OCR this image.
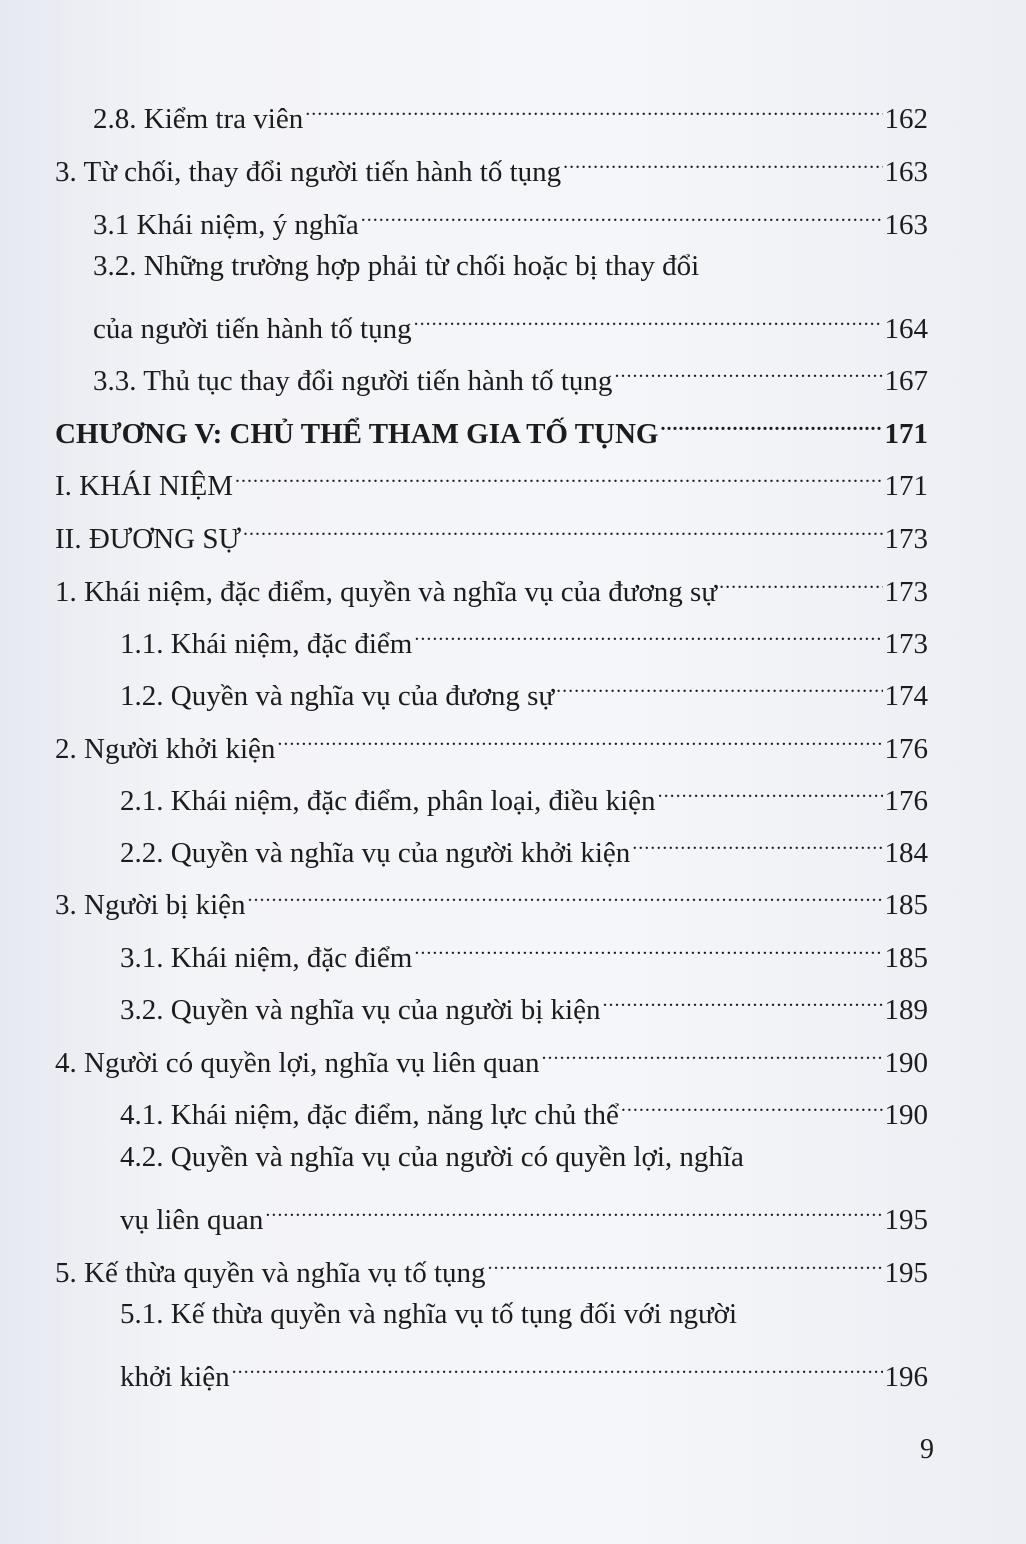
2.8. Kiểm tra viên .....	162
3. Từ chối, thay đổi người tiến hành tố tụng .....	163
3.1 Khái niệm, ý nghĩa .....	163
3.2. Những trường hợp phải từ chối hoặc bị thay đổi
của người tiến hành tố tụng .....	164
3.3. Thủ tục thay đổi người tiến hành tố tụng .....	167
CHƯƠNG V: CHỦ THỂ THAM GIA TỐ TỤNG .....	171
I. KHÁI NIỆM .....	171
II. ĐƯƠNG SỰ .....	173
1. Khái niệm, đặc điểm, quyền và nghĩa vụ của đương sự .....	173
1.1. Khái niệm, đặc điểm .....	173
1.2. Quyền và nghĩa vụ của đương sự .....	174
2. Người khởi kiện .....	176
2.1. Khái niệm, đặc điểm, phân loại, điều kiện .....	176
2.2. Quyền và nghĩa vụ của người khởi kiện .....	184
3. Người bị kiện .....	185
3.1. Khái niệm, đặc điểm .....	185
3.2. Quyền và nghĩa vụ của người bị kiện .....	189
4. Người có quyền lợi, nghĩa vụ liên quan .....	190
4.1. Khái niệm, đặc điểm, năng lực chủ thể .....	190
4.2. Quyền và nghĩa vụ của người có quyền lợi, nghĩa
vụ liên quan .....	195
5. Kế thừa quyền và nghĩa vụ tố tụng .....	195
5.1. Kế thừa quyền và nghĩa vụ tố tụng đối với người
khởi kiện .....	196
9
